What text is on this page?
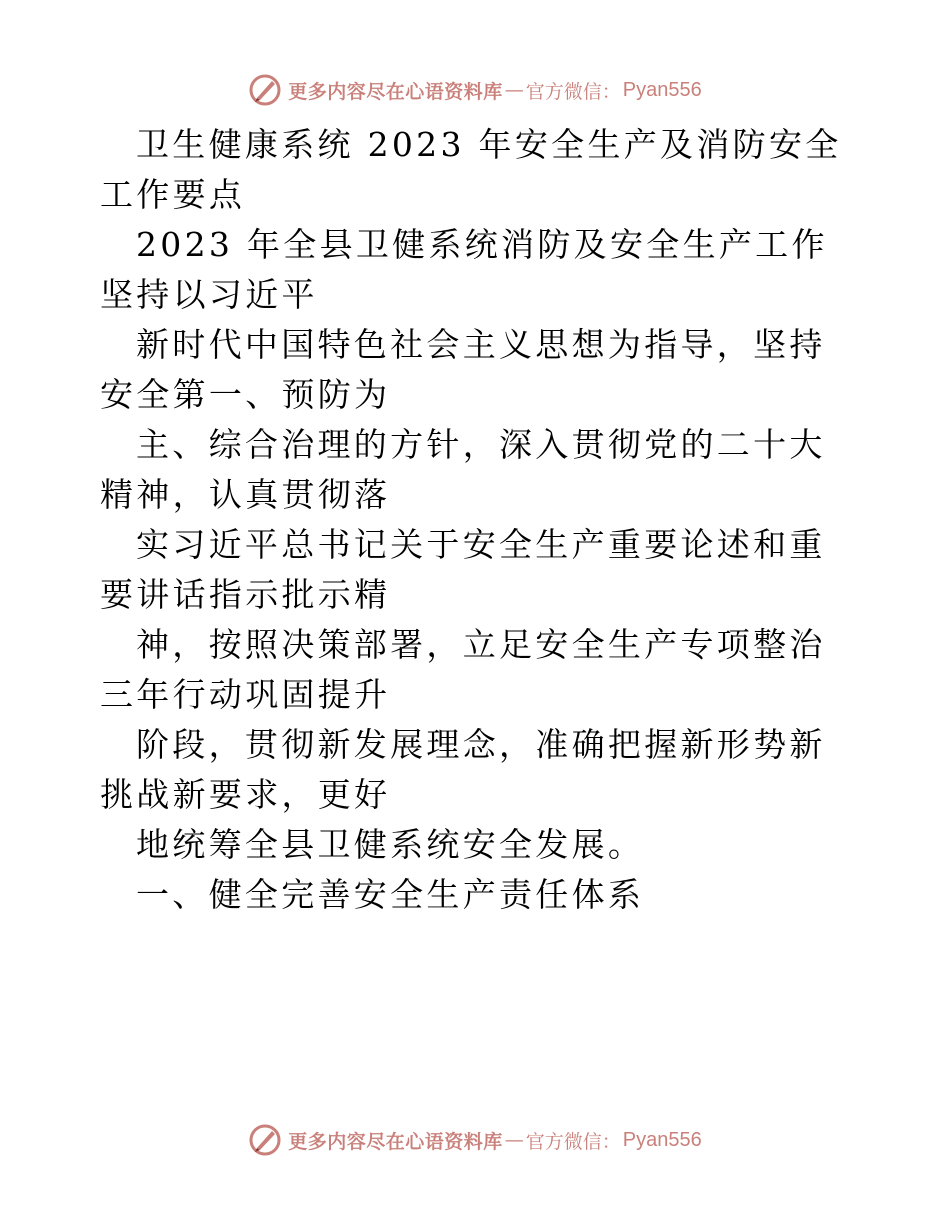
更多内容尽在心语资料库 — 官方微信： Pyan556

卫生健康系统 2023 年安全生产及消防安全工作要点

2023 年全县卫健系统消防及安全生产工作坚持以习近平

新时代中国特色社会主义思想为指导，坚持安全第一、预防为

主、综合治理的方针，深入贯彻党的二十大精神，认真贯彻落

实习近平总书记关于安全生产重要论述和重要讲话指示批示精

神，按照决策部署，立足安全生产专项整治三年行动巩固提升

阶段，贯彻新发展理念，准确把握新形势新挑战新要求，更好

地统筹全县卫健系统安全发展。

一、健全完善安全生产责任体系

更多内容尽在心语资料库 — 官方微信： Pyan556
